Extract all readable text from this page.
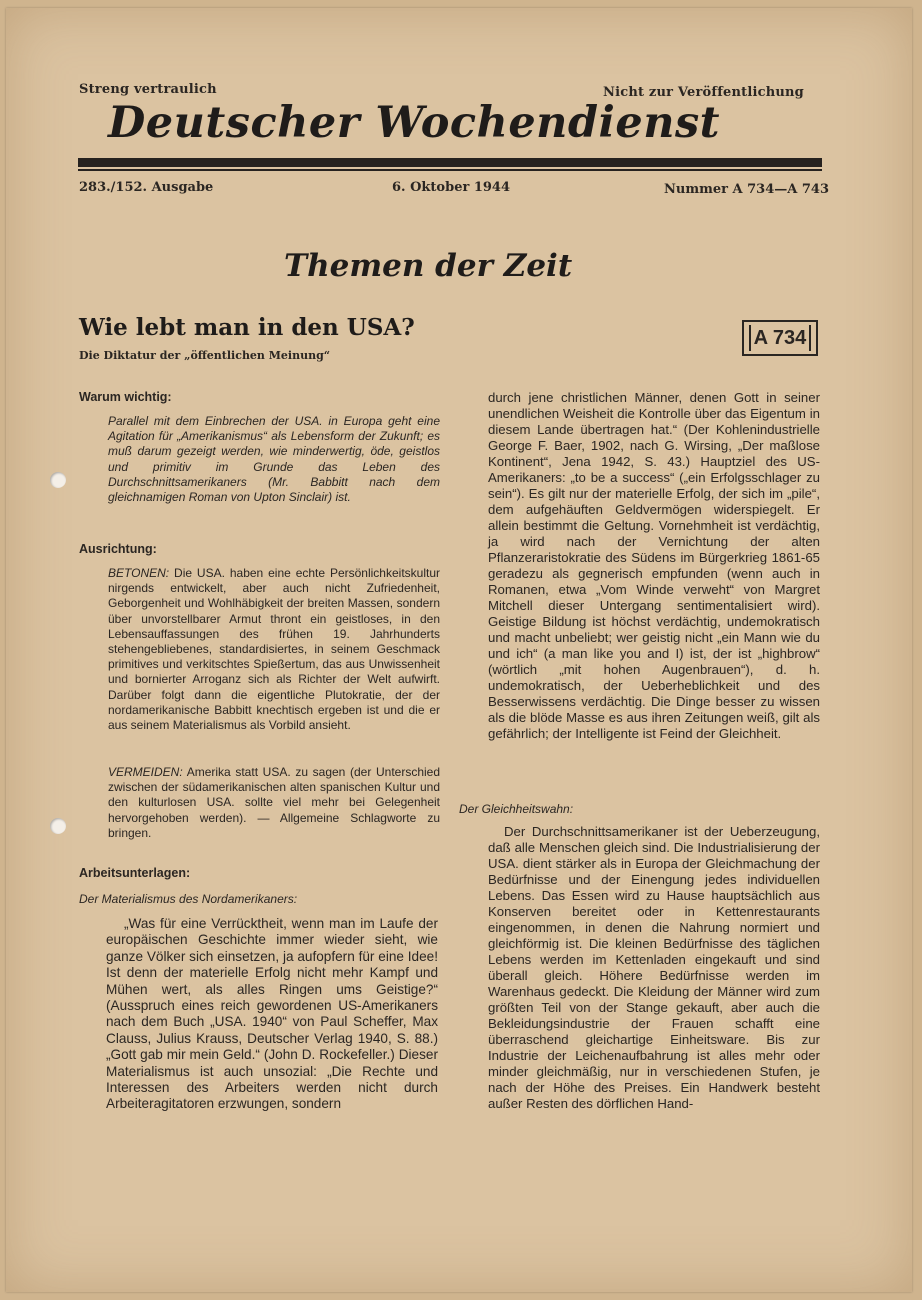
Streng vertraulich	Nicht zur Veröffentlichung
Deutscher Wochendienst
283./152. Ausgabe	6. Oktober 1944	Nummer A 734—A 743
Themen der Zeit
Wie lebt man in den USA?
Die Diktatur der „öffentlichen Meinung“
A 734
Warum wichtig:
Parallel mit dem Einbrechen der USA. in Europa geht eine Agitation für „Amerikanismus“ als Lebensform der Zukunft; es muß darum gezeigt werden, wie minderwertig, öde, geistlos und primitiv im Grunde das Leben des Durchschnittsamerikaners (Mr. Babbitt nach dem gleichnamigen Roman von Upton Sinclair) ist.
Ausrichtung:
BETONEN: Die USA. haben eine echte Persönlichkeitskultur nirgends entwickelt, aber auch nicht Zufriedenheit, Geborgenheit und Wohlhäbigkeit der breiten Massen, sondern über unvorstellbarer Armut thront ein geistloses, in den Lebensauffassungen des frühen 19. Jahrhunderts stehengebliebenes, standardisiertes, in seinem Geschmack primitives und verkitschtes Spießertum, das aus Unwissenheit und bornierter Arroganz sich als Richter der Welt aufwirft. Darüber folgt dann die eigentliche Plutokratie, der der nordamerikanische Babbitt knechtisch ergeben ist und die er aus seinem Materialismus als Vorbild ansieht.
VERMEIDEN: Amerika statt USA. zu sagen (der Unterschied zwischen der südamerikanischen alten spanischen Kultur und den kulturlosen USA. sollte viel mehr bei Gelegenheit hervorgehoben werden). — Allgemeine Schlagworte zu bringen.
Arbeitsunterlagen:
Der Materialismus des Nordamerikaners:
„Was für eine Verrücktheit, wenn man im Laufe der europäischen Geschichte immer wieder sieht, wie ganze Völker sich einsetzen, ja aufopfern für eine Idee! Ist denn der materielle Erfolg nicht mehr Kampf und Mühen wert, als alles Ringen ums Geistige?“ (Ausspruch eines reich gewordenen US-Amerikaners nach dem Buch „USA. 1940“ von Paul Scheffer, Max Clauss, Julius Krauss, Deutscher Verlag 1940, S. 88.) „Gott gab mir mein Geld.“ (John D. Rockefeller.) Dieser Materialismus ist auch unsozial: „Die Rechte und Interessen des Arbeiters werden nicht durch Arbeiteragitatoren erzwungen, sondern
durch jene christlichen Männer, denen Gott in seiner unendlichen Weisheit die Kontrolle über das Eigentum in diesem Lande übertragen hat.“ (Der Kohlenindustrielle George F. Baer, 1902, nach G. Wirsing, „Der maßlose Kontinent“, Jena 1942, S. 43.) Hauptziel des US-Amerikaners: „to be a success“ („ein Erfolgsschlager zu sein“). Es gilt nur der materielle Erfolg, der sich im „pile“, dem aufgehäuften Geldvermögen widerspiegelt. Er allein bestimmt die Geltung. Vornehmheit ist verdächtig, ja wird nach der Vernichtung der alten Pflanzeraristokratie des Südens im Bürgerkrieg 1861-65 geradezu als gegnerisch empfunden (wenn auch in Romanen, etwa „Vom Winde verweht“ von Margret Mitchell dieser Untergang sentimentalisiert wird). Geistige Bildung ist höchst verdächtig, undemokratisch und macht unbeliebt; wer geistig nicht „ein Mann wie du und ich“ (a man like you and I) ist, der ist „highbrow“ (wörtlich „mit hohen Augenbrauen“), d. h. undemokratisch, der Ueberheblichkeit und des Besserwissens verdächtig. Die Dinge besser zu wissen als die blöde Masse es aus ihren Zeitungen weiß, gilt als gefährlich; der Intelligente ist Feind der Gleichheit.
Der Gleichheitswahn:
Der Durchschnittsamerikaner ist der Ueberzeugung, daß alle Menschen gleich sind. Die Industrialisierung der USA. dient stärker als in Europa der Gleichmachung der Bedürfnisse und der Einengung jedes individuellen Lebens. Das Essen wird zu Hause hauptsächlich aus Konserven bereitet oder in Kettenrestaurants eingenommen, in denen die Nahrung normiert und gleichförmig ist. Die kleinen Bedürfnisse des täglichen Lebens werden im Kettenladen eingekauft und sind überall gleich. Höhere Bedürfnisse werden im Warenhaus gedeckt. Die Kleidung der Männer wird zum größten Teil von der Stange gekauft, aber auch die Bekleidungsindustrie der Frauen schafft eine überraschend gleichartige Einheitsware. Bis zur Industrie der Leichenaufbahrung ist alles mehr oder minder gleichmäßig, nur in verschiedenen Stufen, je nach der Höhe des Preises. Ein Handwerk besteht außer Resten des dörflichen Hand-
